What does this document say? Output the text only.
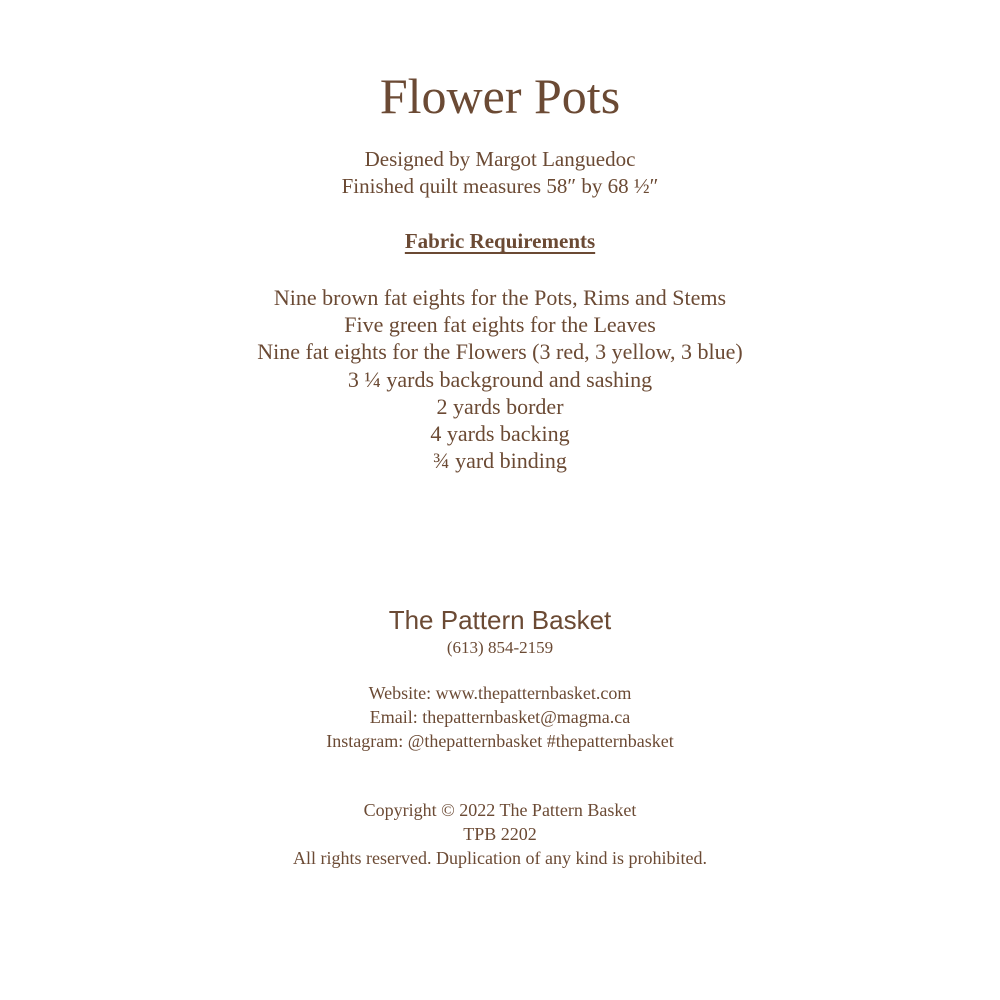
Flower Pots
Designed by Margot Languedoc
Finished quilt measures 58″ by 68 ½″
Fabric Requirements
Nine brown fat eights for the Pots, Rims and Stems
Five green fat eights for the Leaves
Nine fat eights for the Flowers (3 red, 3 yellow, 3 blue)
3 ¼ yards background and sashing
2 yards border
4 yards backing
¾ yard binding
The Pattern Basket
(613) 854-2159
Website: www.thepatternbasket.com
Email: thepatternbasket@magma.ca
Instagram: @thepatternbasket #thepatternbasket
Copyright © 2022 The Pattern Basket
TPB 2202
All rights reserved. Duplication of any kind is prohibited.
